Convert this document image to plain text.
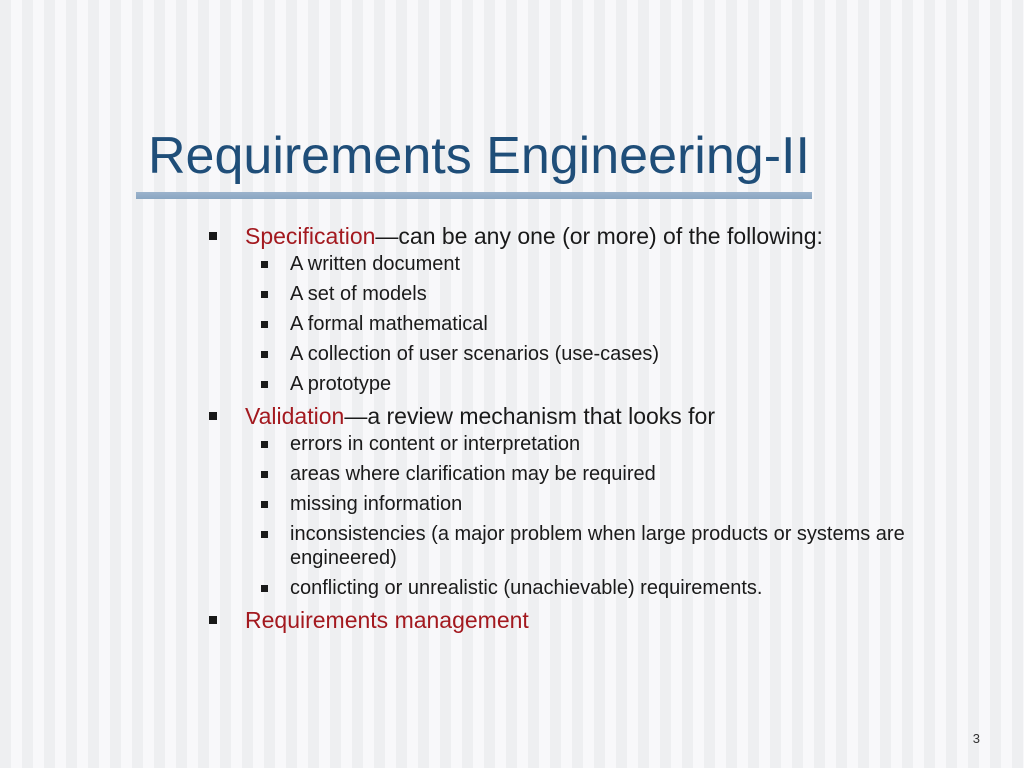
Requirements Engineering-II
Specification—can be any one (or more) of the following:
A written document
A set of models
A formal mathematical
A collection of user scenarios (use-cases)
A prototype
Validation—a review mechanism that looks for
errors in content or interpretation
areas where clarification may be required
missing information
inconsistencies (a major problem when large products or systems are engineered)
conflicting or unrealistic (unachievable) requirements.
Requirements management
3
